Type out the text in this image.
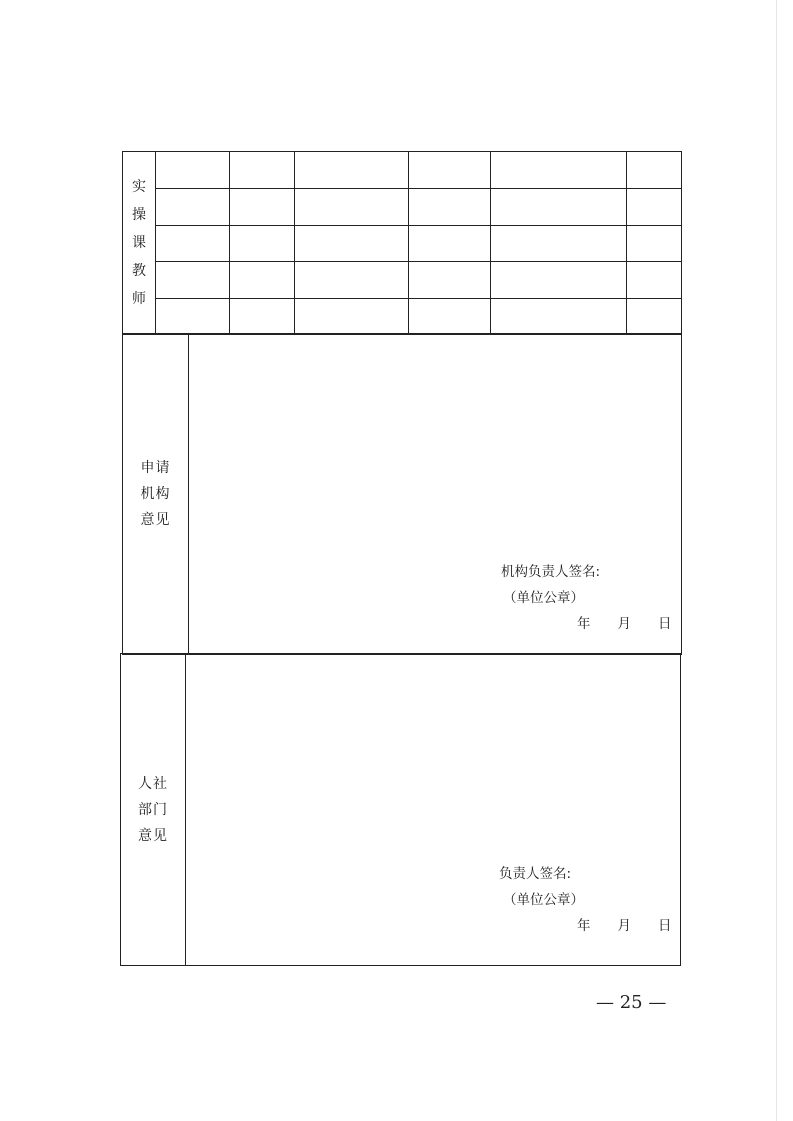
实
操
课
教
师
申请
机构
意见
机构负责人签名:
（单位公章）
年　　月　　日
人社
部门
意见
负责人签名:
（单位公章）
年　　月　　日
— 25 —
